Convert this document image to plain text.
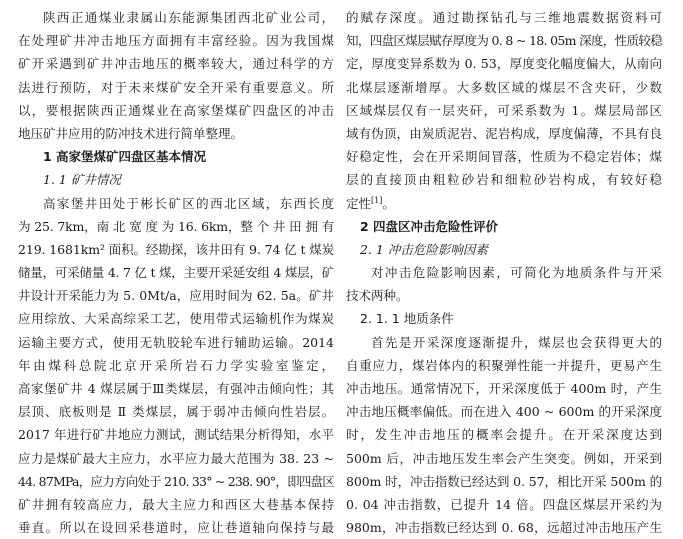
陕西正通煤业隶属山东能源集团西北矿业公司，
在处理矿井冲击地压方面拥有丰富经验。因为我国煤
矿开采遇到矿井冲击地压的概率较大，通过科学的方
法进行预防，对于未来煤矿安全开采有重要意义。所
以，要根据陕西正通煤业在高家堡煤矿四盘区的冲击
地压矿井应用的防冲技术进行简单整理。
1 高家堡煤矿四盘区基本情况
1. 1 矿井情况
高家堡井田处于彬长矿区的西北区域，东西长度
为 25. 7km，南 北 宽 度 为 16. 6km，整 个 井 田 拥 有
219. 1681km² 面积。经勘探，该井田有 9. 74 亿 t 煤炭
储量，可采储量 4. 7 亿 t 煤，主要开采延安组 4 煤层，矿
井设计开采能力为 5. 0Mt/a，应用时间为 62. 5a。矿井
应用综放、大采高综采工艺，使用带式运输机作为煤炭
运输主要方式，使用无轨胶轮车进行辅助运输。2014
年由煤科总院北京开采所岩石力学实验室鉴定，
高家堡矿井 4 煤层属于Ⅲ类煤层，有强冲击倾向性；其
层顶、底板则是 Ⅱ 类煤层，属于弱冲击倾向性岩层。
2017 年进行矿井地应力测试，测试结果分析得知，水平
应力是煤矿最大主应力，水平应力最大范围为 38. 23 ~
44. 87MPa，应力方向处于 210. 33° ~ 238. 90°，即四盘区
矿井拥有较高应力，最大主应力和西区大巷基本保持
垂直。所以在设回采巷道时，应让巷道轴向保持与最
的赋存深度。通过勘探钻孔与三维地震数据资料可
知，四盘区煤层赋存厚度为 0. 8 ~ 18. 05m 深度，性质较稳
定，厚度变异系数为 0. 53，厚度变化幅度偏大，从南向
北煤层逐渐增厚。大多数区域的煤层不含夹矸，少数
区域煤层仅有一层夹矸，可采系数为 1。煤层局部区
域有伪顶，由炭质泥岩、泥岩构成，厚度偏薄，不具有良
好稳定性，会在开采期间冒落，性质为不稳定岩体；煤
层的直接顶由粗粒砂岩和细粒砂岩构成，有较好稳
定性[1]。
2 四盘区冲击危险性评价
2. 1 冲击危险影响因素
对冲击危险影响因素，可简化为地质条件与开采
技术两种。
2. 1. 1 地质条件
首先是开采深度逐渐提升，煤层也会获得更大的
自重应力，煤岩体内的积聚弹性能一并提升，更易产生
冲击地压。通常情况下，开采深度低于 400m 时，产生
冲击地压概率偏低。而在进入 400 ~ 600m 的开采深度
时，发生冲击地压的概率会提升。在开采深度达到
500m 后，冲击地压发生率会产生突变。例如，开采到
800m 时，冲击指数已经达到 0. 57，相比开采 500m 的
0. 04 冲击指数，已提升 14 倍。四盘区煤层开采约为
980m，冲击指数已经达到 0. 68，远超过冲击地压产生
